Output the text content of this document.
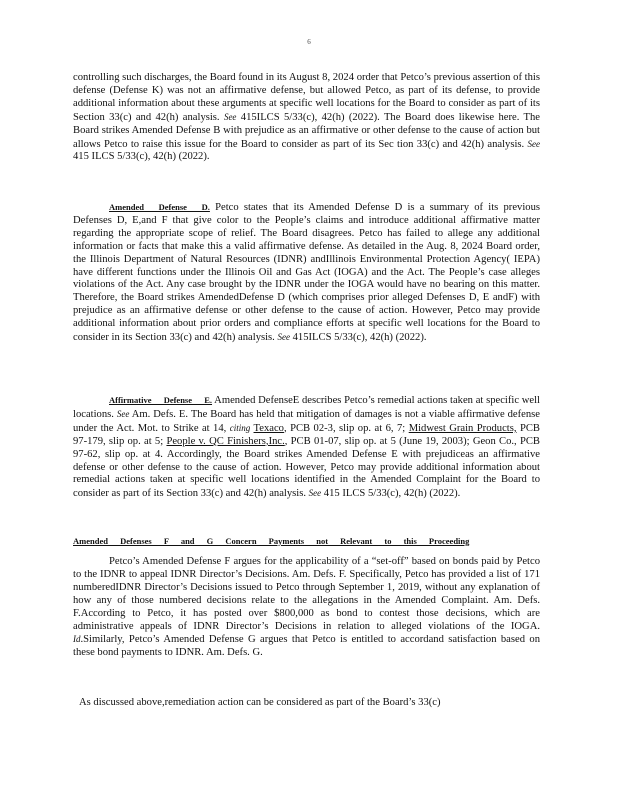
6

controlling such discharges, the Board found in its August 8, 2024 order that Petco’s previous assertion of this defense (Defense K) was not an affirmative defense, but allowed Petco, as part of its defense, to provide additional information about these arguments at specific well locations for the Board to consider as part of its Section 33(c) and 42(h) analysis. See 415ILCS 5/33(c), 42(h) (2022). The Board does likewise here. The Board strikes Amended Defense B with prejudice as an affirmative or other defense to the cause of action but allows Petco to raise this issue for the Board to consider as part of its Sec tion 33(c) and 42(h) analysis. See 415 ILCS 5/33(c), 42(h) (2022).

Amended Defense D. Petco states that its Amended Defense D is a summary of its previous Defenses D, E,and F that give color to the People’s claims and introduce additional affirmative matter regarding the appropriate scope of relief. The Board disagrees. Petco has failed to allege any additional information or facts that make this a valid affirmative defense. As detailed in the Aug. 8, 2024 Board order, the Illinois Department of Natural Resources (IDNR) andIllinois Environmental Protection Agency( IEPA) have different functions under the Illinois Oil and Gas Act (IOGA) and the Act. The People’s case alleges violations of the Act. Any case brought by the IDNR under the IOGA would have no bearing on this matter. Therefore, the Board strikes AmendedDefense D (which comprises prior alleged Defenses D, E andF) with prejudice as an affirmative defense or other defense to the cause of action. However, Petco may provide additional information about prior orders and compliance efforts at specific well locations for the Board to consider in its Section 33(c) and 42(h) analysis. See 415ILCS 5/33(c), 42(h) (2022).

Affirmative Defense E. Amended DefenseE describes Petco’s remedial actions taken at specific well locations. See Am. Defs. E. The Board has held that mitigation of damages is not a viable affirmative defense under the Act. Mot. to Strike at 14, citing Texaco, PCB 02-3, slip op. at 6, 7; Midwest Grain Products, PCB 97-179, slip op. at 5; People v. QC Finishers,Inc., PCB 01-07, slip op. at 5 (June 19, 2003); Geon Co., PCB 97-62, slip op. at 4. Accordingly, the Board strikes Amended Defense E with prejudiceas an affirmative defense or other defense to the cause of action. However, Petco may provide additional information about remedial actions taken at specific well locations identified in the Amended Complaint for the Board to consider as part of its Section 33(c) and 42(h) analysis. See 415 ILCS 5/33(c), 42(h) (2022).

Amended Defenses F and G Concern Payments not Relevant to this Proceeding

Petco’s Amended Defense F argues for the applicability of a “set-off” based on bonds paid by Petco to the IDNR to appeal IDNR Director’s Decisions. Am. Defs. F. Specifically, Petco has provided a list of 171 numberedIDNR Director’s Decisions issued to Petco through September 1, 2019, without any explanation of how any of those numbered decisions relate to the allegations in the Amended Complaint. Am. Defs. F.According to Petco, it has posted over $800,000 as bond to contest those decisions, which are administrative appeals of IDNR Director’s Decisions in relation to alleged violations of the IOGA. Id.Similarly, Petco’s Amended Defense G argues that Petco is entitled to accordand satisfaction based on these bond payments to IDNR. Am. Defs. G.

As discussed above,remediation action can be considered as part of the Board’s 33(c)
